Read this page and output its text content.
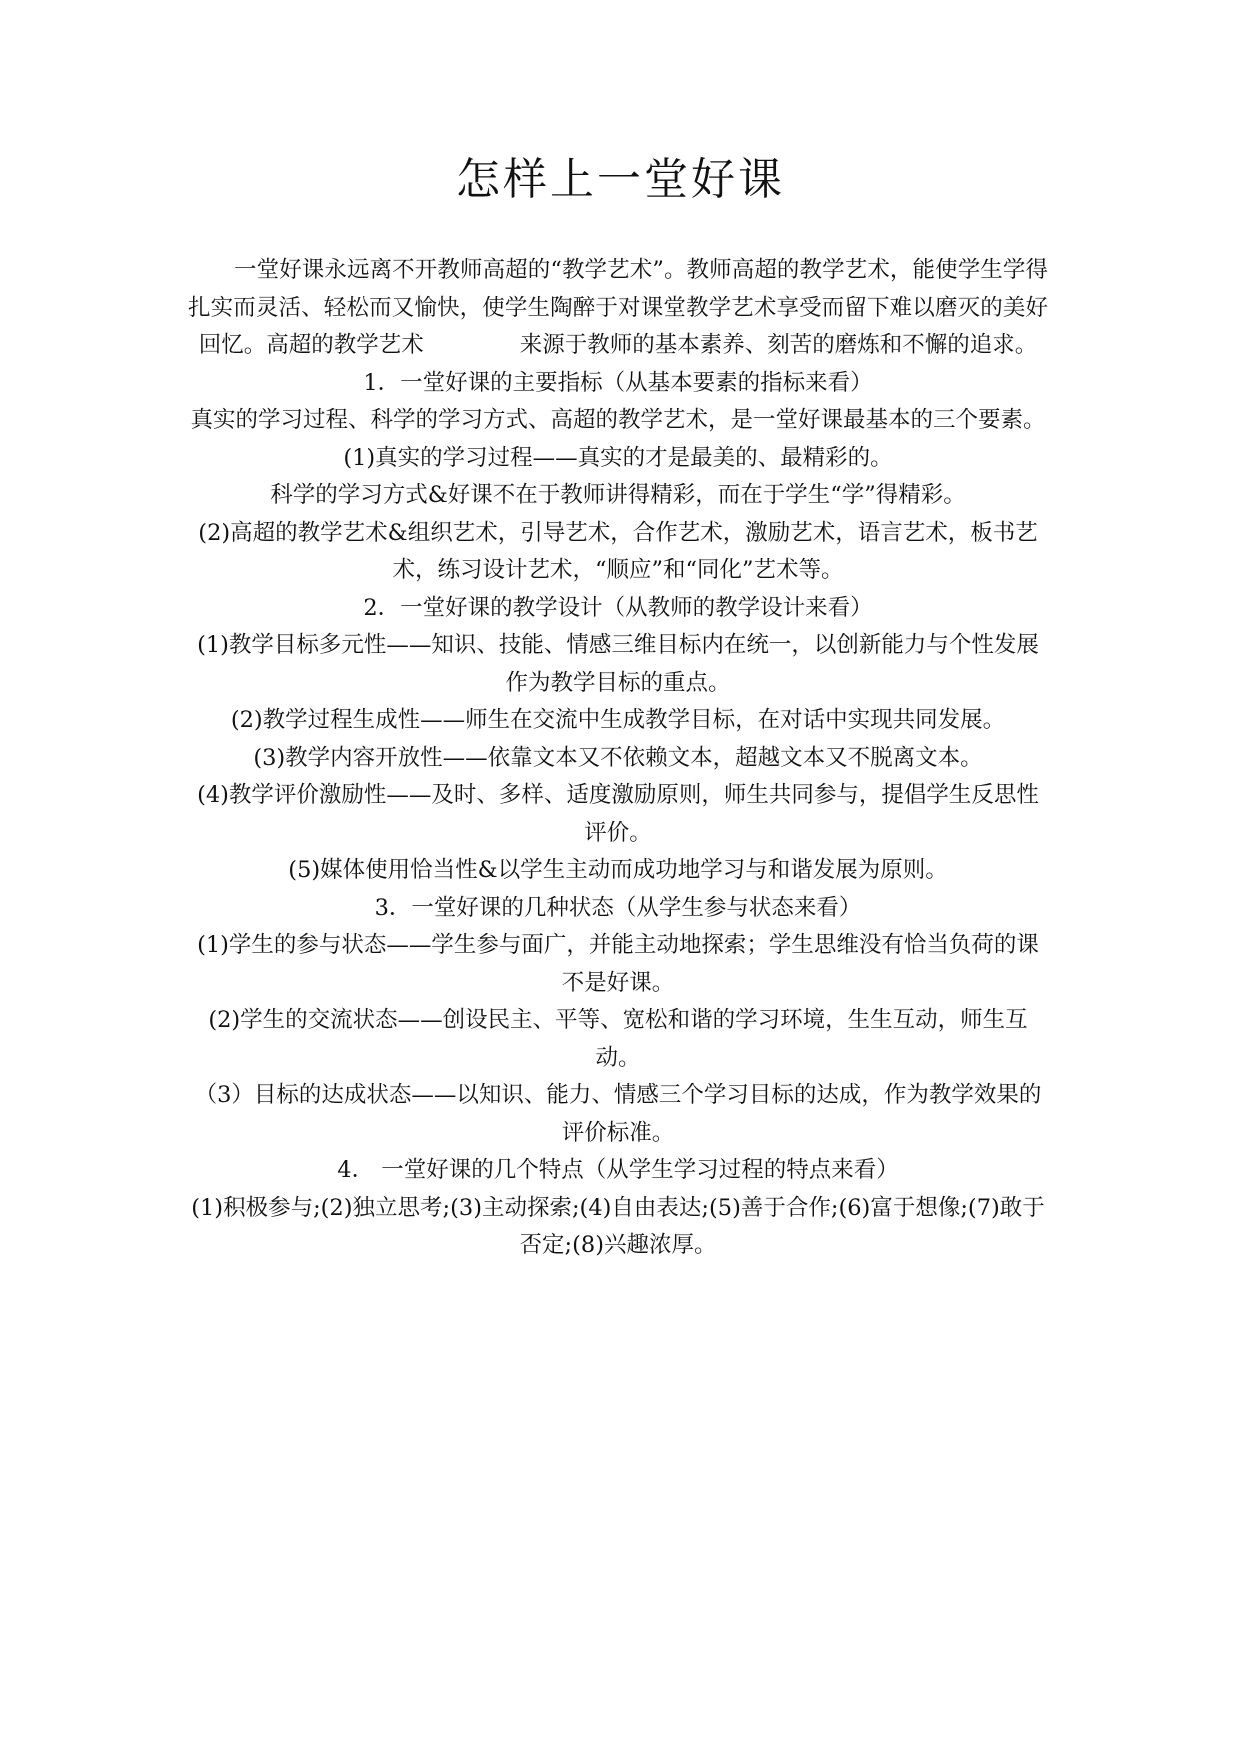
怎样上一堂好课

一堂好课永远离不开教师高超的“教学艺术”。教师高超的教学艺术，能使学生学得扎实而灵活、轻松而又愉快，使学生陶醉于对课堂教学艺术享受而留下难以磨灭的美好回忆。高超的教学艺术	来源于教师的基本素养、刻苦的磨炼和不懈的追求。

1．一堂好课的主要指标（从基本要素的指标来看）

真实的学习过程、科学的学习方式、高超的教学艺术，是一堂好课最基本的三个要素。

(1)真实的学习过程——真实的才是最美的、最精彩的。

科学的学习方式&好课不在于教师讲得精彩，而在于学生“学”得精彩。

(2)高超的教学艺术&组织艺术，引导艺术，合作艺术，激励艺术，语言艺术，板书艺术，练习设计艺术，“顺应”和“同化”艺术等。

2．一堂好课的教学设计（从教师的教学设计来看）

(1)教学目标多元性——知识、技能、情感三维目标内在统一，以创新能力与个性发展作为教学目标的重点。

(2)教学过程生成性——师生在交流中生成教学目标，在对话中实现共同发展。

(3)教学内容开放性——依靠文本又不依赖文本，超越文本又不脱离文本。

(4)教学评价激励性——及时、多样、适度激励原则，师生共同参与，提倡学生反思性评价。

(5)媒体使用恰当性&以学生主动而成功地学习与和谐发展为原则。

3．一堂好课的几种状态（从学生参与状态来看）

(1)学生的参与状态——学生参与面广，并能主动地探索；学生思维没有恰当负荷的课不是好课。

(2)学生的交流状态——创设民主、平等、宽松和谐的学习环境，生生互动，师生互动。

（3）目标的达成状态——以知识、能力、情感三个学习目标的达成，作为教学效果的评价标准。

4． 一堂好课的几个特点（从学生学习过程的特点来看）

(1)积极参与;(2)独立思考;(3)主动探索;(4)自由表达;(5)善于合作;(6)富于想像;(7)敢于否定;(8)兴趣浓厚。
